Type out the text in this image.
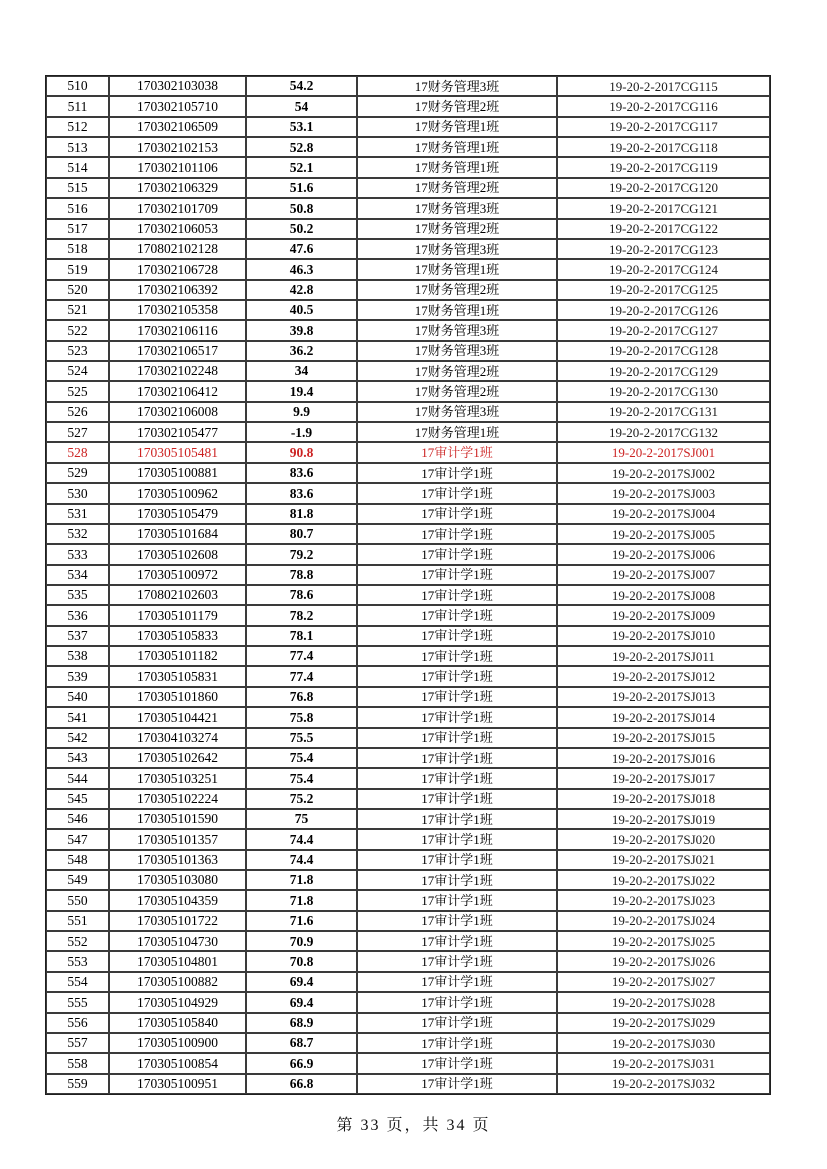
510	170302103038	54.2	17财务管理3班	19-20-2-2017CG115
511	170302105710	54	17财务管理2班	19-20-2-2017CG116
512	170302106509	53.1	17财务管理1班	19-20-2-2017CG117
513	170302102153	52.8	17财务管理1班	19-20-2-2017CG118
514	170302101106	52.1	17财务管理1班	19-20-2-2017CG119
515	170302106329	51.6	17财务管理2班	19-20-2-2017CG120
516	170302101709	50.8	17财务管理3班	19-20-2-2017CG121
517	170302106053	50.2	17财务管理2班	19-20-2-2017CG122
518	170802102128	47.6	17财务管理3班	19-20-2-2017CG123
519	170302106728	46.3	17财务管理1班	19-20-2-2017CG124
520	170302106392	42.8	17财务管理2班	19-20-2-2017CG125
521	170302105358	40.5	17财务管理1班	19-20-2-2017CG126
522	170302106116	39.8	17财务管理3班	19-20-2-2017CG127
523	170302106517	36.2	17财务管理3班	19-20-2-2017CG128
524	170302102248	34	17财务管理2班	19-20-2-2017CG129
525	170302106412	19.4	17财务管理2班	19-20-2-2017CG130
526	170302106008	9.9	17财务管理3班	19-20-2-2017CG131
527	170302105477	-1.9	17财务管理1班	19-20-2-2017CG132
528	170305105481	90.8	17审计学1班	19-20-2-2017SJ001
529	170305100881	83.6	17审计学1班	19-20-2-2017SJ002
530	170305100962	83.6	17审计学1班	19-20-2-2017SJ003
531	170305105479	81.8	17审计学1班	19-20-2-2017SJ004
532	170305101684	80.7	17审计学1班	19-20-2-2017SJ005
533	170305102608	79.2	17审计学1班	19-20-2-2017SJ006
534	170305100972	78.8	17审计学1班	19-20-2-2017SJ007
535	170802102603	78.6	17审计学1班	19-20-2-2017SJ008
536	170305101179	78.2	17审计学1班	19-20-2-2017SJ009
537	170305105833	78.1	17审计学1班	19-20-2-2017SJ010
538	170305101182	77.4	17审计学1班	19-20-2-2017SJ011
539	170305105831	77.4	17审计学1班	19-20-2-2017SJ012
540	170305101860	76.8	17审计学1班	19-20-2-2017SJ013
541	170305104421	75.8	17审计学1班	19-20-2-2017SJ014
542	170304103274	75.5	17审计学1班	19-20-2-2017SJ015
543	170305102642	75.4	17审计学1班	19-20-2-2017SJ016
544	170305103251	75.4	17审计学1班	19-20-2-2017SJ017
545	170305102224	75.2	17审计学1班	19-20-2-2017SJ018
546	170305101590	75	17审计学1班	19-20-2-2017SJ019
547	170305101357	74.4	17审计学1班	19-20-2-2017SJ020
548	170305101363	74.4	17审计学1班	19-20-2-2017SJ021
549	170305103080	71.8	17审计学1班	19-20-2-2017SJ022
550	170305104359	71.8	17审计学1班	19-20-2-2017SJ023
551	170305101722	71.6	17审计学1班	19-20-2-2017SJ024
552	170305104730	70.9	17审计学1班	19-20-2-2017SJ025
553	170305104801	70.8	17审计学1班	19-20-2-2017SJ026
554	170305100882	69.4	17审计学1班	19-20-2-2017SJ027
555	170305104929	69.4	17审计学1班	19-20-2-2017SJ028
556	170305105840	68.9	17审计学1班	19-20-2-2017SJ029
557	170305100900	68.7	17审计学1班	19-20-2-2017SJ030
558	170305100854	66.9	17审计学1班	19-20-2-2017SJ031
559	170305100951	66.8	17审计学1班	19-20-2-2017SJ032
第 33 页，共 34 页
